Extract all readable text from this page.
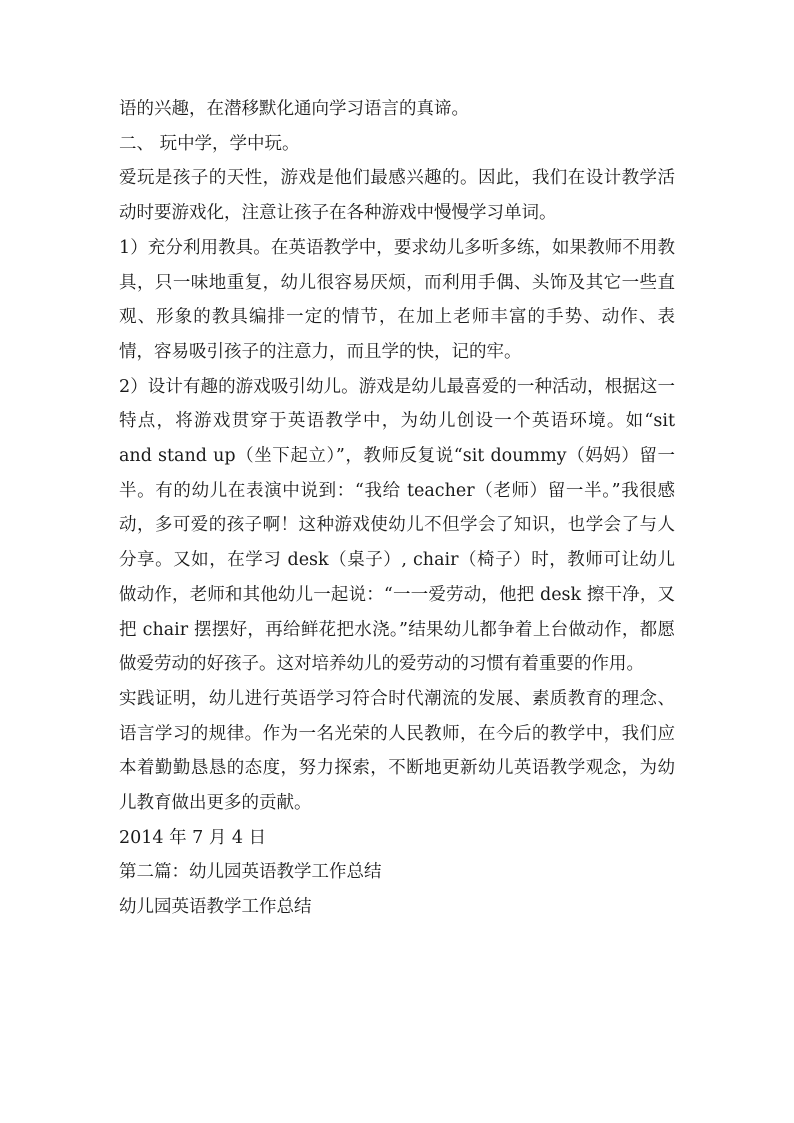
语的兴趣，在潜移默化通向学习语言的真谛。

二、 玩中学，学中玩。

爱玩是孩子的天性，游戏是他们最感兴趣的。因此，我们在设计教学活动时要游戏化，注意让孩子在各种游戏中慢慢学习单词。

1）充分利用教具。在英语教学中，要求幼儿多听多练，如果教师不用教具，只一味地重复，幼儿很容易厌烦，而利用手偶、头饰及其它一些直观、形象的教具编排一定的情节，在加上老师丰富的手势、动作、表情，容易吸引孩子的注意力，而且学的快，记的牢。

2）设计有趣的游戏吸引幼儿。游戏是幼儿最喜爱的一种活动，根据这一特点，将游戏贯穿于英语教学中，为幼儿创设一个英语环境。如“sit and stand up（坐下起立）”，教师反复说“sit doummy（妈妈）留一半。有的幼儿在表演中说到：“我给 teacher（老师）留一半。”我很感动，多可爱的孩子啊！这种游戏使幼儿不但学会了知识，也学会了与人分享。又如，在学习 desk（桌子）, chair（椅子）时，教师可让幼儿做动作，老师和其他幼儿一起说：“一一爱劳动，他把 desk 擦干净，又把 chair 摆摆好，再给鲜花把水浇。”结果幼儿都争着上台做动作，都愿做爱劳动的好孩子。这对培养幼儿的爱劳动的习惯有着重要的作用。

实践证明，幼儿进行英语学习符合时代潮流的发展、素质教育的理念、语言学习的规律。作为一名光荣的人民教师，在今后的教学中，我们应本着勤勤恳恳的态度，努力探索，不断地更新幼儿英语教学观念，为幼儿教育做出更多的贡献。

2014 年 7 月 4 日

第二篇：幼儿园英语教学工作总结

幼儿园英语教学工作总结
